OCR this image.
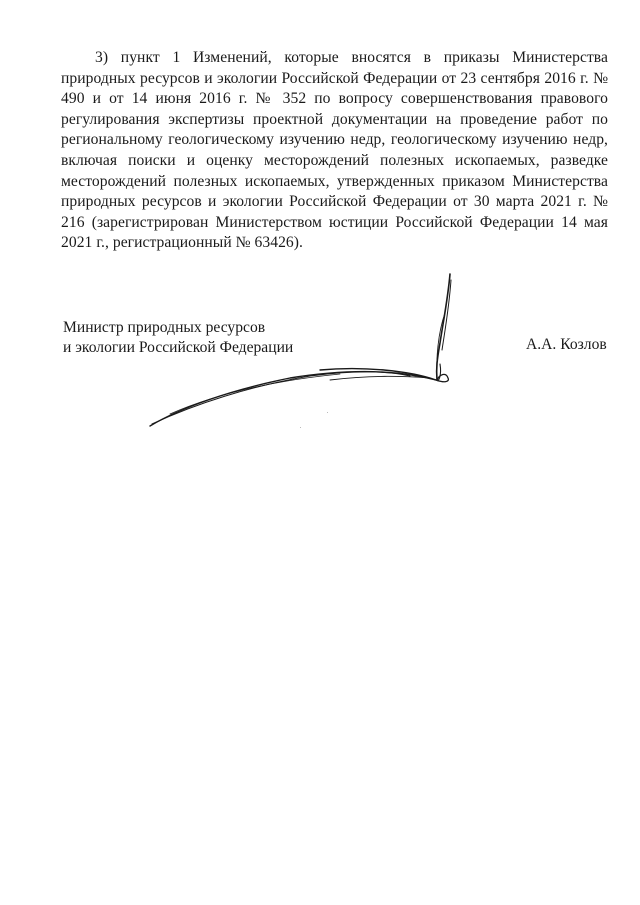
3) пункт 1 Изменений, которые вносятся в приказы Министерства природных ресурсов и экологии Российской Федерации от 23 сентября 2016 г. № 490 и от 14 июня 2016 г. № 352 по вопросу совершенствования правового регулирования экспертизы проектной документации на проведение работ по региональному геологическому изучению недр, геологическому изучению недр, включая поиски и оценку месторождений полезных ископаемых, разведке месторождений полезных ископаемых, утвержденных приказом Министерства природных ресурсов и экологии Российской Федерации от 30 марта 2021 г. № 216 (зарегистрирован Министерством юстиции Российской Федерации 14 мая 2021 г., регистрационный № 63426).

Министр природных ресурсов
и экологии Российской Федерации	А.А. Козлов
